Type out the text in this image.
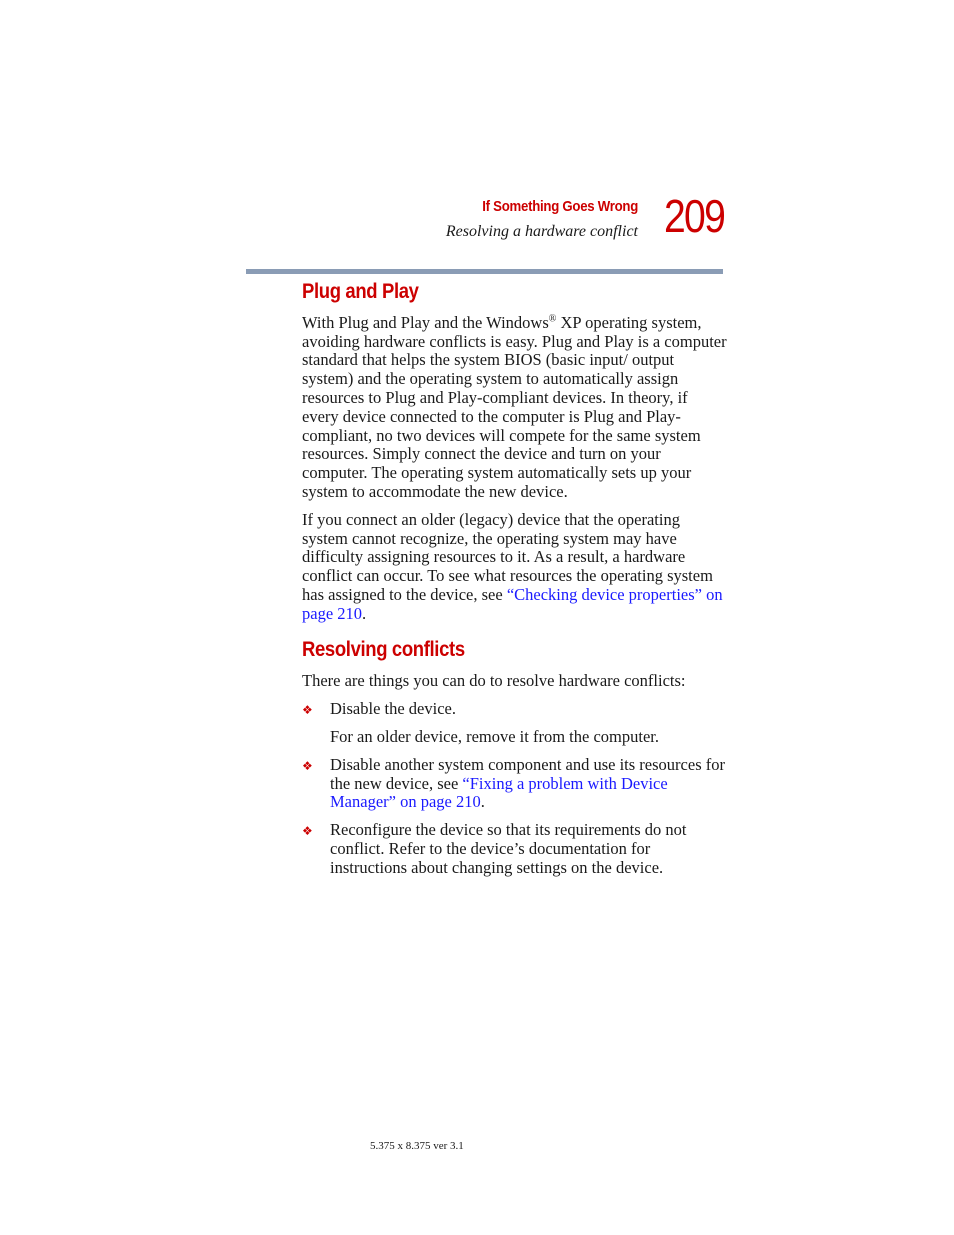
If Something Goes Wrong
Resolving a hardware conflict 209
Plug and Play

With Plug and Play and the Windows® XP operating system, avoiding hardware conflicts is easy. Plug and Play is a computer standard that helps the system BIOS (basic input/ output system) and the operating system to automatically assign resources to Plug and Play-compliant devices. In theory, if every device connected to the computer is Plug and Play-compliant, no two devices will compete for the same system resources. Simply connect the device and turn on your computer. The operating system automatically sets up your system to accommodate the new device.

If you connect an older (legacy) device that the operating system cannot recognize, the operating system may have difficulty assigning resources to it. As a result, a hardware conflict can occur. To see what resources the operating system has assigned to the device, see “Checking device properties” on page 210.

Resolving conflicts

There are things you can do to resolve hardware conflicts:

❖ Disable the device.

For an older device, remove it from the computer.

❖ Disable another system component and use its resources for the new device, see “Fixing a problem with Device Manager” on page 210.
❖ Reconfigure the device so that its requirements do not conflict. Refer to the device’s documentation for instructions about changing settings on the device.
5.375 x 8.375 ver 3.1
